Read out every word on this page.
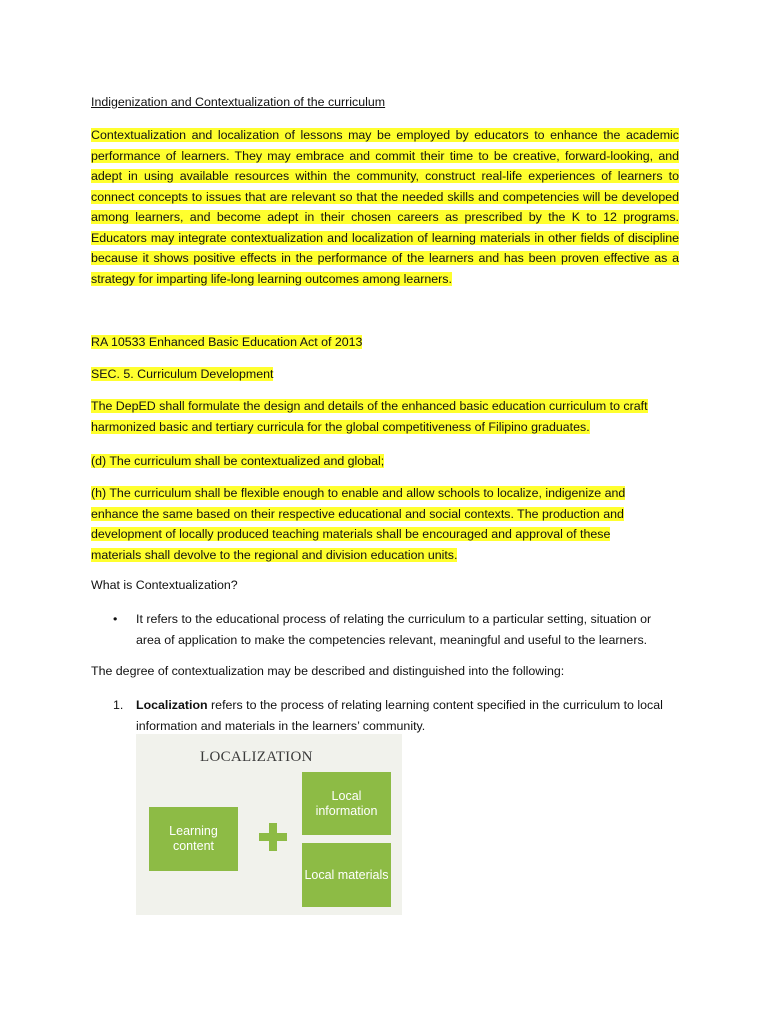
Indigenization and Contextualization of the curriculum

Contextualization and localization of lessons may be employed by educators to enhance the academic performance of learners. They may embrace and commit their time to be creative, forward-looking, and adept in using available resources within the community, construct real-life experiences of learners to connect concepts to issues that are relevant so that the needed skills and competencies will be developed among learners, and become adept in their chosen careers as prescribed by the K to 12 programs. Educators may integrate contextualization and localization of learning materials in other fields of discipline because it shows positive effects in the performance of the learners and has been proven effective as a strategy for imparting life-long learning outcomes among learners.

RA 10533 Enhanced Basic Education Act of 2013

SEC. 5. Curriculum Development

The DepED shall formulate the design and details of the enhanced basic education curriculum to craft
harmonized basic and tertiary curricula for the global competitiveness of Filipino graduates.

(d) The curriculum shall be contextualized and global;

(h) The curriculum shall be flexible enough to enable and allow schools to localize, indigenize and
enhance the same based on their respective educational and social contexts. The production and
development of locally produced teaching materials shall be encouraged and approval of these
materials shall devolve to the regional and division education units.

What is Contextualization?

• It refers to the educational process of relating the curriculum to a particular setting, situation or area of application to make the competencies relevant, meaningful and useful to the learners.

The degree of contextualization may be described and distinguished into the following:

1. Localization refers to the process of relating learning content specified in the curriculum to local information and materials in the learners’ community.
LOCALIZATION
Learning content
Local information
Local materials
